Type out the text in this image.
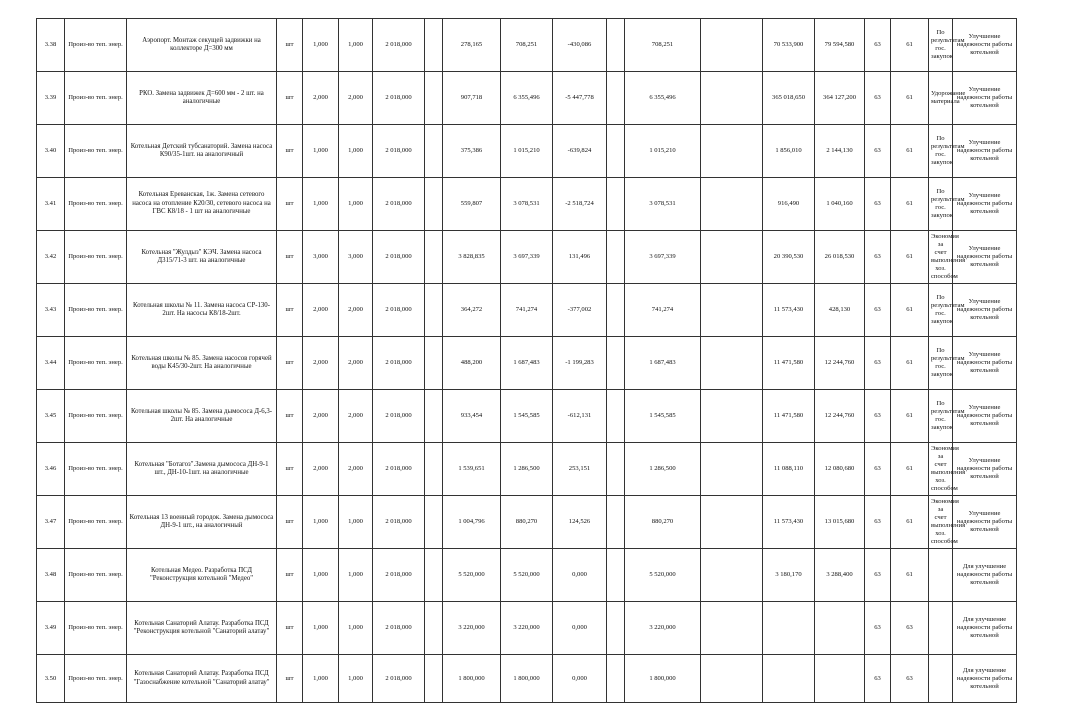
3.38	Произ-во теп. энер.	Аэропорт. Монтаж секущей задвижки на коллекторе Д=300 мм	шт	1,000	1,000	2 018,000		278,165	708,251	-430,086		708,251		70 533,900	79 594,580	63	61	По результатам гос. закупок	Улучшение надежности работы котельной
3.39	Произ-во теп. энер.	РКО. Замена задвижек Д=600 мм - 2 шт. на аналогичные	шт	2,000	2,000	2 018,000		907,718	6 355,496	-5 447,778		6 355,496		365 018,650	364 127,200	63	61	Удорожание материала	Улучшение надежности работы котельной
3.40	Произ-во теп. энер.	Котельная Детский тубсанаторий. Замена насоса К90/35-1шт. на аналогичный	шт	1,000	1,000	2 018,000		375,386	1 015,210	-639,824		1 015,210		1 856,010	2 144,130	63	61	По результатам гос. закупок	Улучшение надежности работы котельной
3.41	Произ-во теп. энер.	Котельная Ереванская, 1ж. Замена сетевого насоса на отопление К20/30, сетевого насоса на ГВС К8/18 - 1 шт на аналогичные	шт	1,000	1,000	2 018,000		559,807	3 078,531	-2 518,724		3 078,531		916,490	1 040,160	63	61	По результатам гос. закупок	Улучшение надежности работы котельной
3.42	Произ-во теп. энер.	Котельная "Жулдыз" КЭЧ. Замена насоса Д315/71-3 шт. на аналогичные	шт	3,000	3,000	2 018,000		3 828,835	3 697,339	131,496		3 697,339		20 390,530	26 018,530	63	61	Экономия за счет выполнения хоз. способом	Улучшение надежности работы котельной
3.43	Произ-во теп. энер.	Котельная школы № 11. Замена насоса СР-130-2шт. На насосы К8/18-2шт.	шт	2,000	2,000	2 018,000		364,272	741,274	-377,002		741,274		11 573,430	428,130	63	61	По результатам гос. закупок	Улучшение надежности работы котельной
3.44	Произ-во теп. энер.	Котельная школы № 85. Замена насосов горячей воды К45/30-2шт. На аналогичные	шт	2,000	2,000	2 018,000		488,200	1 687,483	-1 199,283		1 687,483		11 471,580	12 244,760	63	61	По результатам гос. закупок	Улучшение надежности работы котельной
3.45	Произ-во теп. энер.	Котельная школы № 85. Замена дымососа Д-6,3-2шт. На аналогичные	шт	2,000	2,000	2 018,000		933,454	1 545,585	-612,131		1 545,585		11 471,580	12 244,760	63	61	По результатам гос. закупок	Улучшение надежности работы котельной
3.46	Произ-во теп. энер.	Котельная "Ботагоз".Замена дымососа ДН-9-1 шт., ДН-10-1шт. на аналогичные	шт	2,000	2,000	2 018,000		1 539,651	1 286,500	253,151		1 286,500		11 088,110	12 080,680	63	61	Экономия за счет выполнения хоз. способом	Улучшение надежности работы котельной
3.47	Произ-во теп. энер.	Котельная 13 военный городок. Замена дымососа ДН-9-1 шт., на аналогичный	шт	1,000	1,000	2 018,000		1 004,796	880,270	124,526		880,270		11 573,430	13 015,680	63	61	Экономия за счет выполнения хоз. способом	Улучшение надежности работы котельной
3.48	Произ-во теп. энер.	Котельная Медео. Разработка ПСД "Реконструкция котельной "Медео"	шт	1,000	1,000	2 018,000		5 520,000	5 520,000	0,000		5 520,000		3 180,170	3 288,400	63	61		Для улучшение надежности работы котельной
3.49	Произ-во теп. энер.	Котельная Санаторий Алатау. Разработка ПСД "Реконструкция котельной "Санаторий алатау"	шт	1,000	1,000	2 018,000		3 220,000	3 220,000	0,000		3 220,000				63	63		Для улучшение надежности работы котельной
3.50	Произ-во теп. энер.	Котельная Санаторий Алатау. Разработка ПСД "Газоснабжение котельной "Санаторий алатау"	шт	1,000	1,000	2 018,000		1 800,000	1 800,000	0,000		1 800,000				63	63		Для улучшение надежности работы котельной
